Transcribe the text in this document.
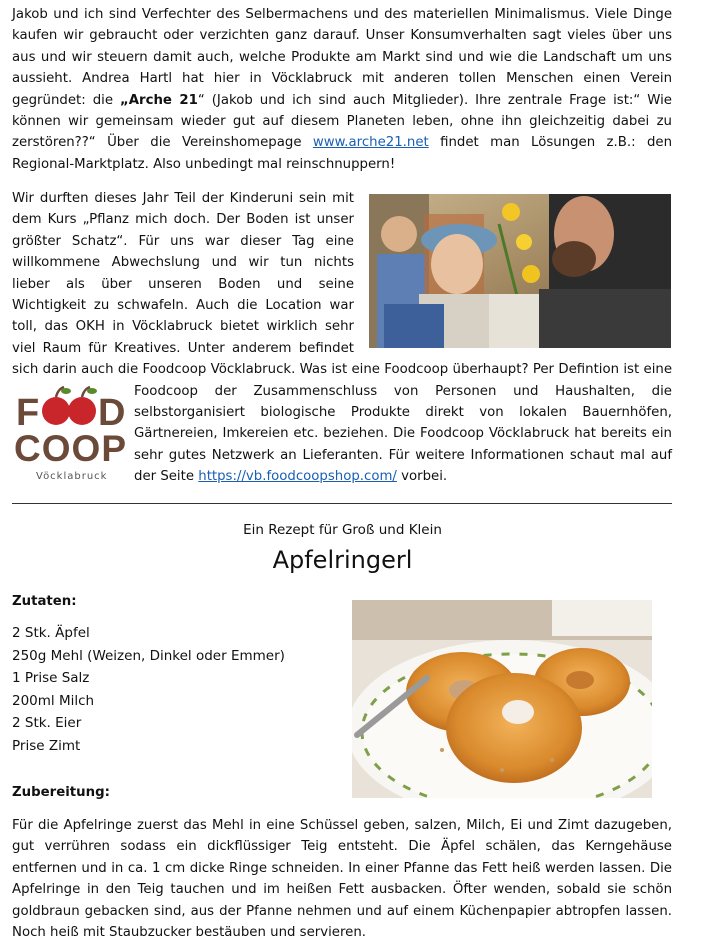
Jakob und ich sind Verfechter des Selbermachens und des materiellen Minimalismus. Viele Dinge kaufen wir gebraucht oder verzichten ganz darauf. Unser Konsumverhalten sagt vieles über uns aus und wir steuern damit auch, welche Produkte am Markt sind und wie die Landschaft um uns aussieht. Andrea Hartl hat hier in Vöcklabruck mit anderen tollen Menschen einen Verein gegründet: die „Arche 21“ (Jakob und ich sind auch Mitglieder). Ihre zentrale Frage ist:“ Wie können wir gemeinsam wieder gut auf diesem Planeten leben, ohne ihn gleichzeitig dabei zu zerstören??“ Über die Vereinshomepage www.arche21.net findet man Lösungen z.B.: den Regional-Marktplatz. Also unbedingt mal reinschnuppern!

Wir durften dieses Jahr Teil der Kinderuni sein mit dem Kurs „Pflanz mich doch. Der Boden ist unser größter Schatz“. Für uns war dieser Tag eine willkommene Abwechslung und wir tun nichts lieber als über unseren Boden und seine Wichtigkeit zu schwafeln. Auch die Location war toll, das OKH in Vöcklabruck bietet wirklich sehr viel Raum für Kreatives. Unter anderem befindet sich darin auch die Foodcoop Vöcklabruck. Was ist eine Foodcoop überhaupt? Per Defintion ist
eine Foodcoop der Zusammenschluss von Personen und Haushalten, die selbstorganisiert biologische Produkte direkt von lokalen Bauernhöfen, Gärtnereien, Imkereien etc. beziehen. Die Foodcoop Vöcklabruck hat bereits ein sehr gutes Netzwerk an Lieferanten. Für weitere Informationen schaut mal auf der Seite https://vb.foodcoopshop.com/ vorbei.

F D
COOP
Vöcklabruck
Ein Rezept für Groß und Klein
Apfelringerl
Zutaten:
2 Stk. Äpfel
250g Mehl (Weizen, Dinkel oder Emmer)
1 Prise Salz
200ml Milch
2 Stk. Eier
Prise Zimt
Zubereitung:

Für die Apfelringe zuerst das Mehl in eine Schüssel geben, salzen, Milch, Ei und Zimt dazugeben, gut verrühren sodass ein dickflüssiger Teig entsteht. Die Äpfel schälen, das Kerngehäuse entfernen und in ca. 1 cm dicke Ringe schneiden. In einer Pfanne das Fett heiß werden lassen. Die Apfelringe in den Teig tauchen und im heißen Fett ausbacken. Öfter wenden, sobald sie schön goldbraun gebacken sind, aus der Pfanne nehmen und auf einem Küchenpapier abtropfen lassen. Noch heiß mit Staubzucker bestäuben und servieren.
